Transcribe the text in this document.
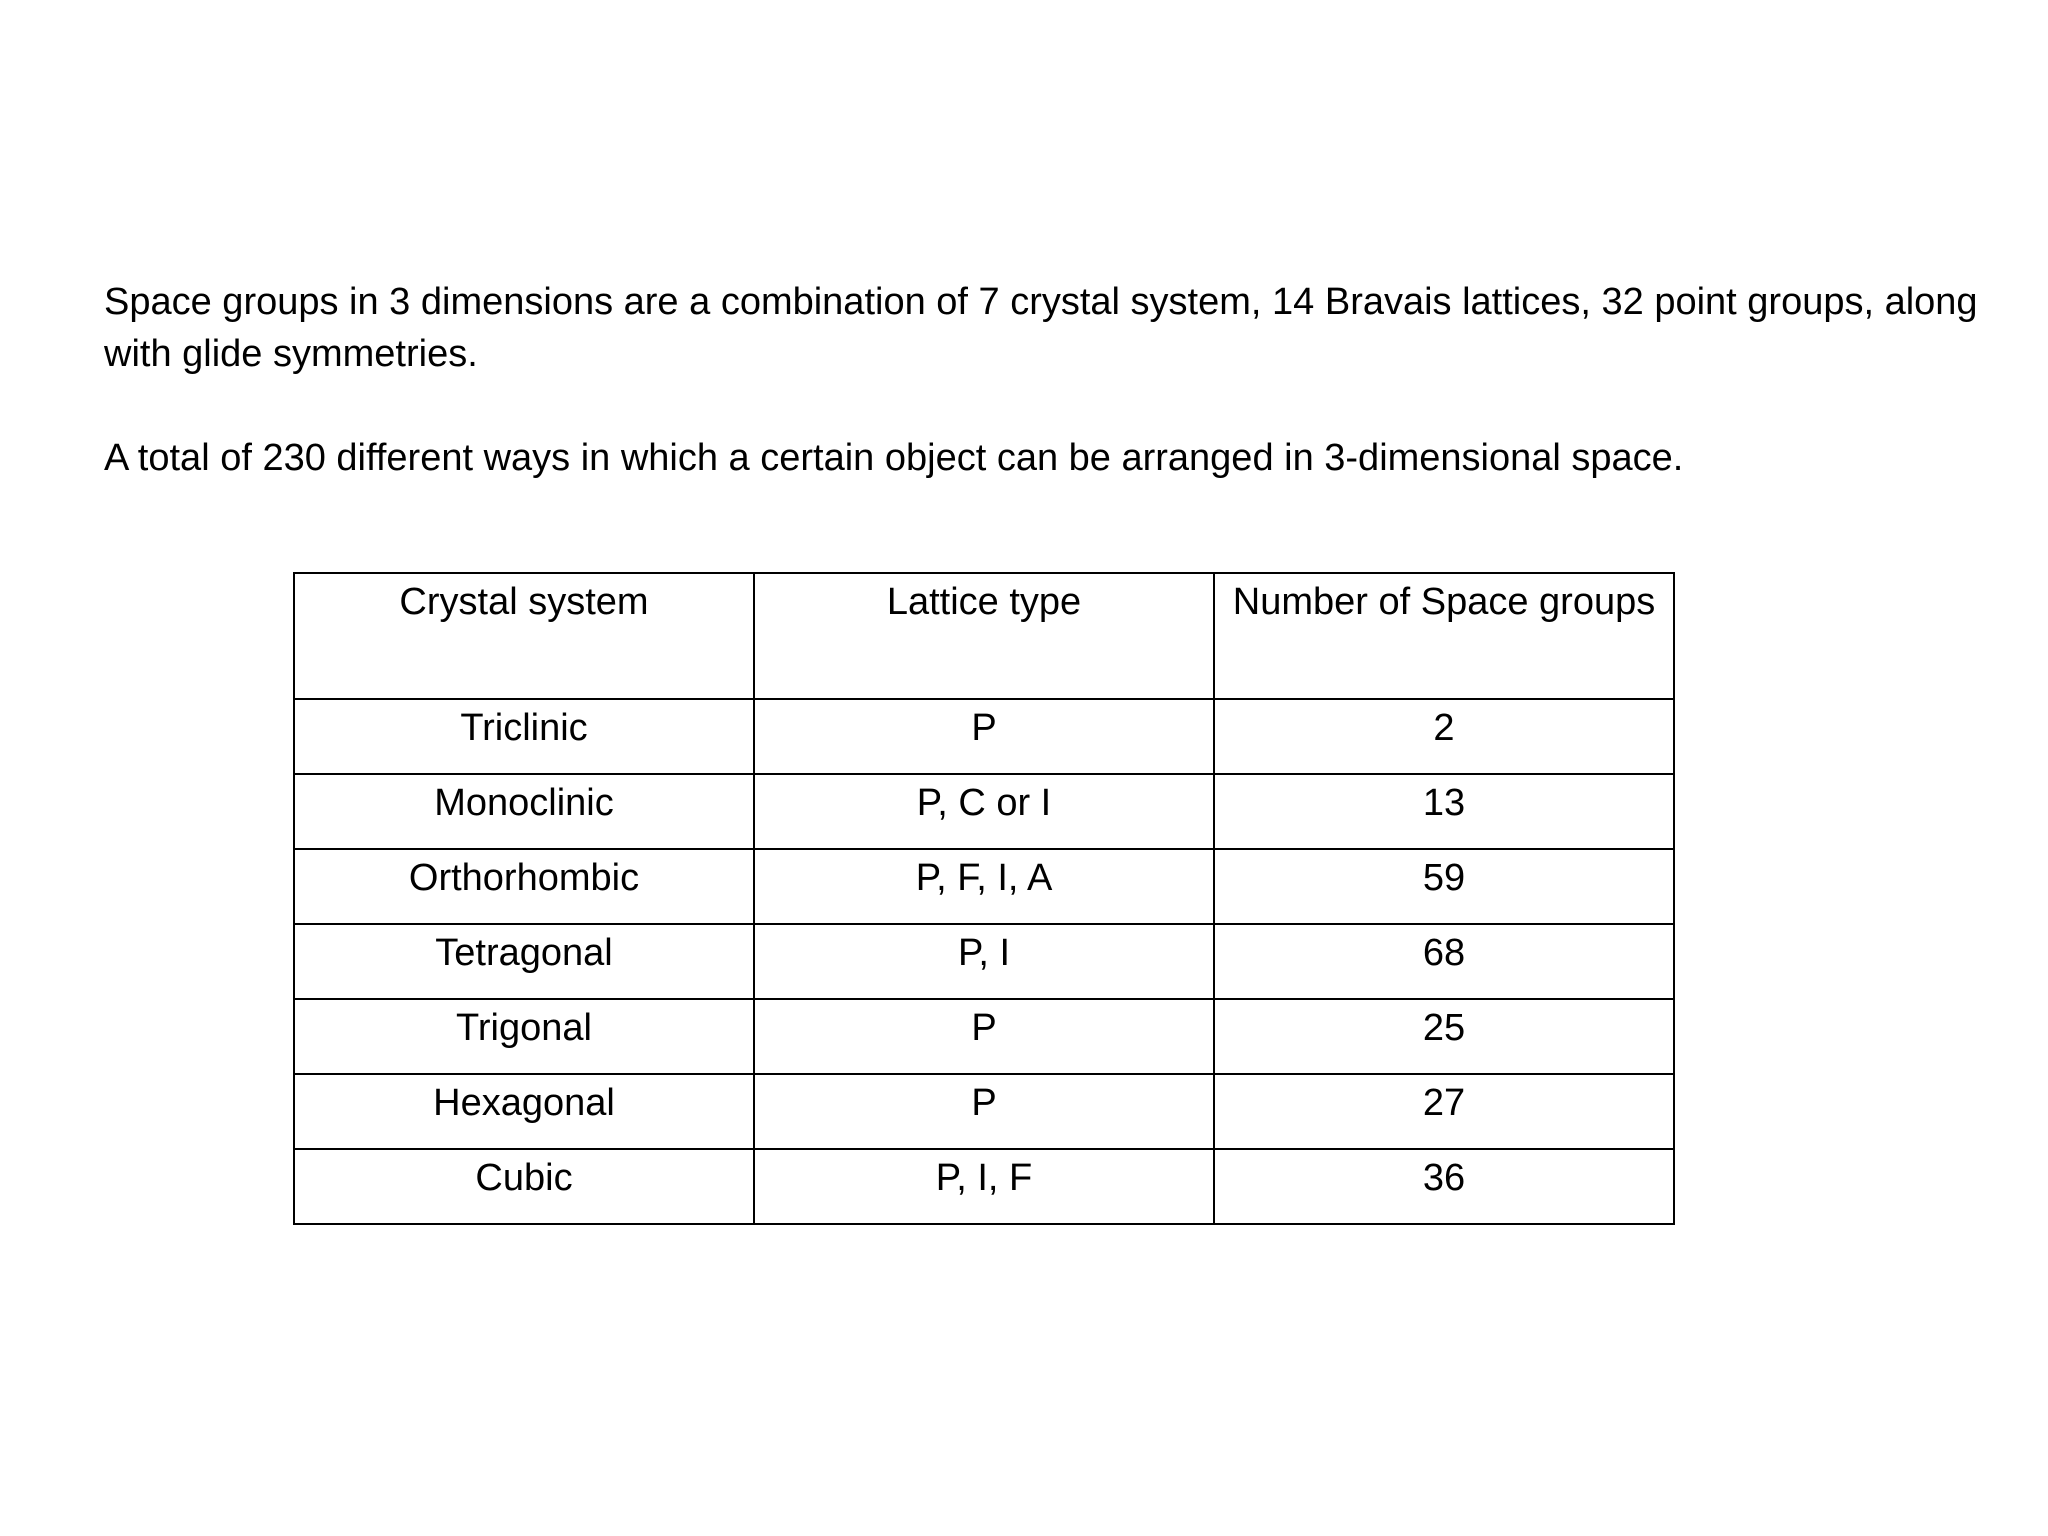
Space groups in 3 dimensions are a combination of 7 crystal system, 14 Bravais lattices, 32 point groups, along with glide symmetries.

A total of 230 different ways in which a certain object can be arranged in 3-dimensional space.

Crystal system	Lattice type	Number of Space groups
Triclinic	P	2
Monoclinic	P, C or I	13
Orthorhombic	P, F, I, A	59
Tetragonal	P, I	68
Trigonal	P	25
Hexagonal	P	27
Cubic	P, I, F	36
